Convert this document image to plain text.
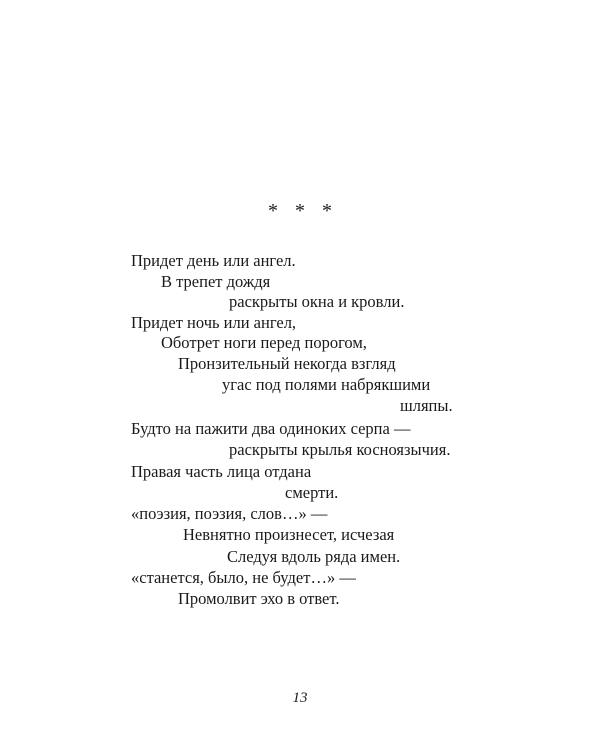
* * *
Придет день или ангел.
В трепет дождя
раскрыты окна и кровли.
Придет ночь или ангел,
Оботрет ноги перед порогом,
Пронзительный некогда взгляд
угас под полями набрякшими
шляпы.
Будто на пажити два одиноких серпа —
раскрыты крылья косноязычия.
Правая часть лица отдана
смерти.
«поэзия, поэзия, слов…» —
Невнятно произнесет, исчезая
Следуя вдоль ряда имен.
«станется, было, не будет…» —
Промолвит эхо в ответ.
13
